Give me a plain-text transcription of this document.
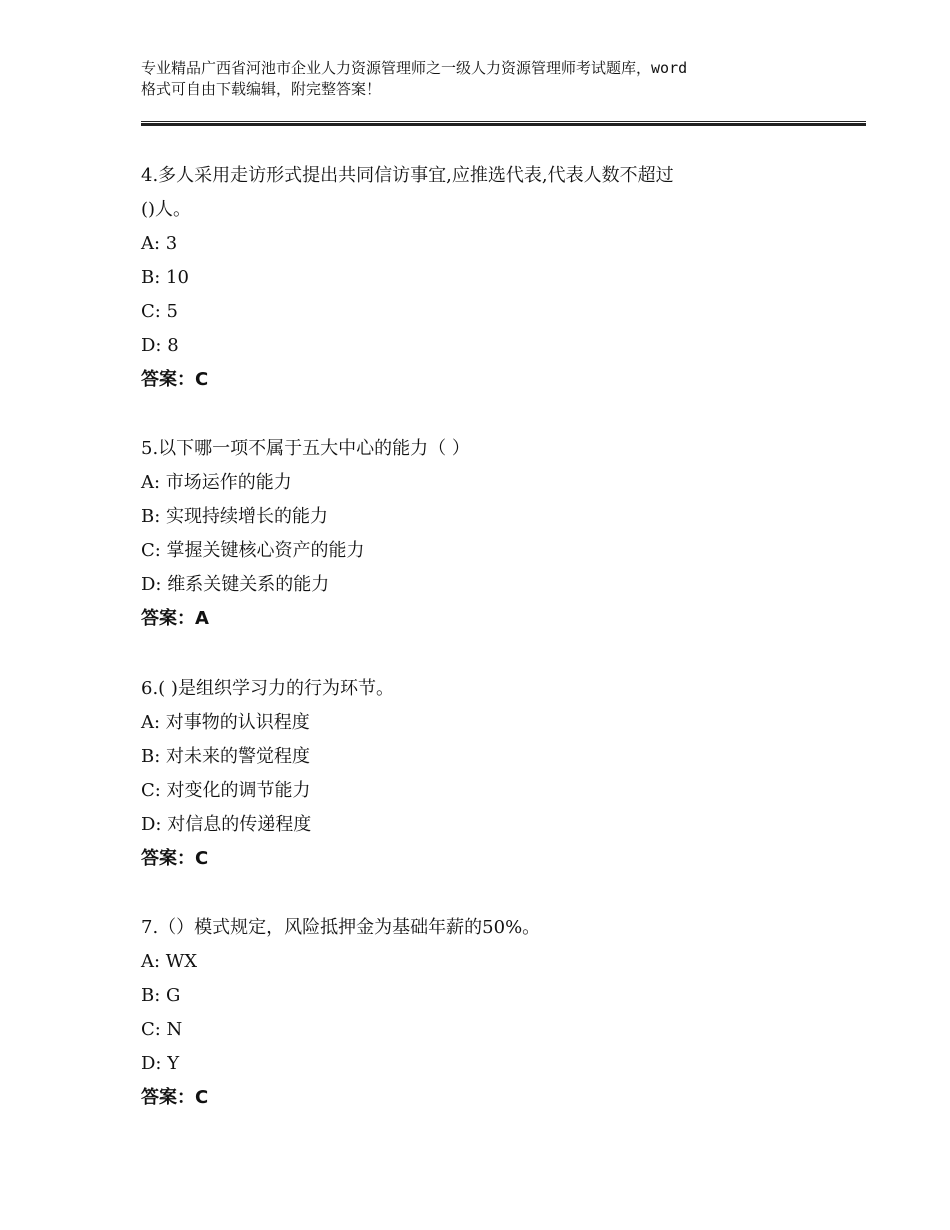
专业精品广西省河池市企业人力资源管理师之一级人力资源管理师考试题库，word
格式可自由下载编辑，附完整答案！
4.多人采用走访形式提出共同信访事宜,应推选代表,代表人数不超过
()人。
A: 3
B: 10
C: 5
D: 8
答案：C
5.以下哪一项不属于五大中心的能力（ ）
A: 市场运作的能力
B: 实现持续增长的能力
C: 掌握关键核心资产的能力
D: 维系关键关系的能力
答案：A
6.( )是组织学习力的行为环节。
A: 对事物的认识程度
B: 对未来的警觉程度
C: 对变化的调节能力
D: 对信息的传递程度
答案：C
7.（）模式规定，风险抵押金为基础年薪的50%。
A: WX
B: G
C: N
D: Y
答案：C
